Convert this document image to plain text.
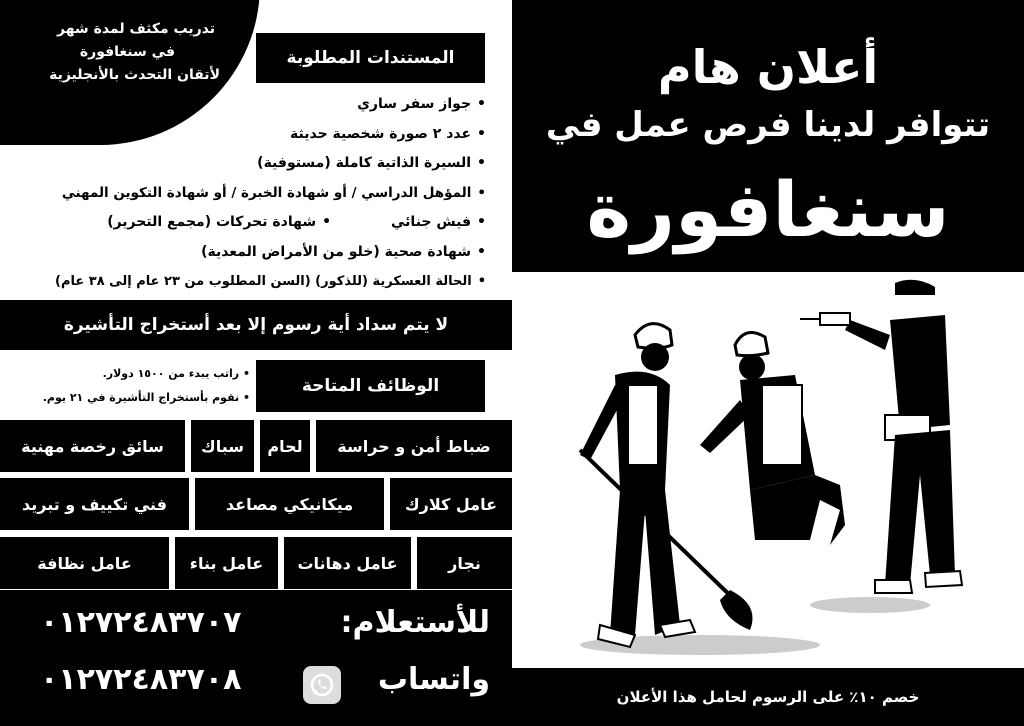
تدريب مكثف لمدة شهر
في سنغافورة
لأتقان التحدث بالأنجليزية
المستندات المطلوبة
•
جواز سفر ساري
•
عدد ٢ صورة شخصية حديثة
•
السيرة الذاتية كاملة (مستوفية)
•
المؤهل الدراسي / أو شهادة الخبرة / أو شهادة التكوين المهني
•
فيش جنائي
•
شهادة تحركات (مجمع التحرير)
•
شهادة صحية (خلو من الأمراض المعدية)
•
الحالة العسكرية (للذكور) (السن المطلوب من ٢٣ عام إلى ٣٨ عام)
أعلان هام
تتوافر لدينا فرص عمل في
سنغافورة
لا يتم سداد أية رسوم إلا بعد أستخراج التأشيرة
الوظائف المتاحة
• راتب يبدء من ١٥٠٠ دولار.
• نقوم بأستخراج التأشيرة في ٢١ يوم.
ضباط أمن و حراسة
لحام
سباك
سائق رخصة مهنية
عامل كلارك
ميكانيكي مصاعد
فني تكييف و تبريد
نجار
عامل دهانات
عامل بناء
عامل نظافة
للأستعلام:
٠١٢٧٢٤٨٣٧٠٧
واتساب
٠١٢٧٢٤٨٣٧٠٨	خصم ١٠٪ على الرسوم لحامل هذا الأعلان
